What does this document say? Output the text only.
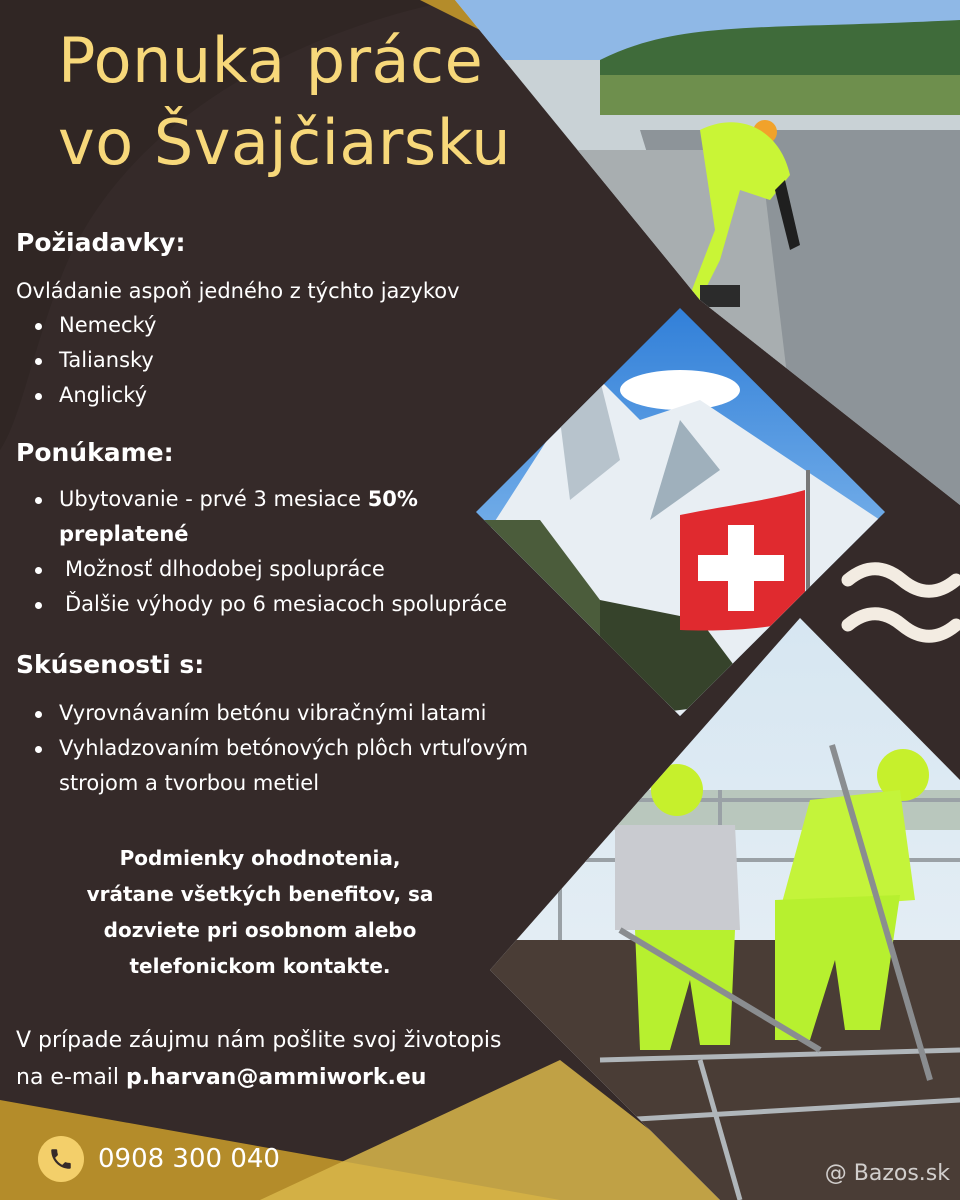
Ponuka práce
vo Švajčiarsku
Požiadavky:
Ovládanie aspoň jedného z týchto jazykov
Nemecký
Taliansky
Anglický
Ponúkame:
Ubytovanie - prvé 3 mesiace 50%
preplatené
Možnosť dlhodobej spolupráce
Ďalšie výhody po 6 mesiacoch spolupráce
Skúsenosti s:
Vyrovnávaním betónu vibračnými latami
Vyhladzovaním betónových plôch vrtuľovým
strojom a tvorbou metiel
Podmienky ohodnotenia,
vrátane všetkých benefitov, sa
dozviete pri osobnom alebo
telefonickom kontakte.
V prípade záujmu nám pošlite svoj životopis
na e-mail p.harvan@ammiwork.eu
0908 300 040	@ Bazos.sk
